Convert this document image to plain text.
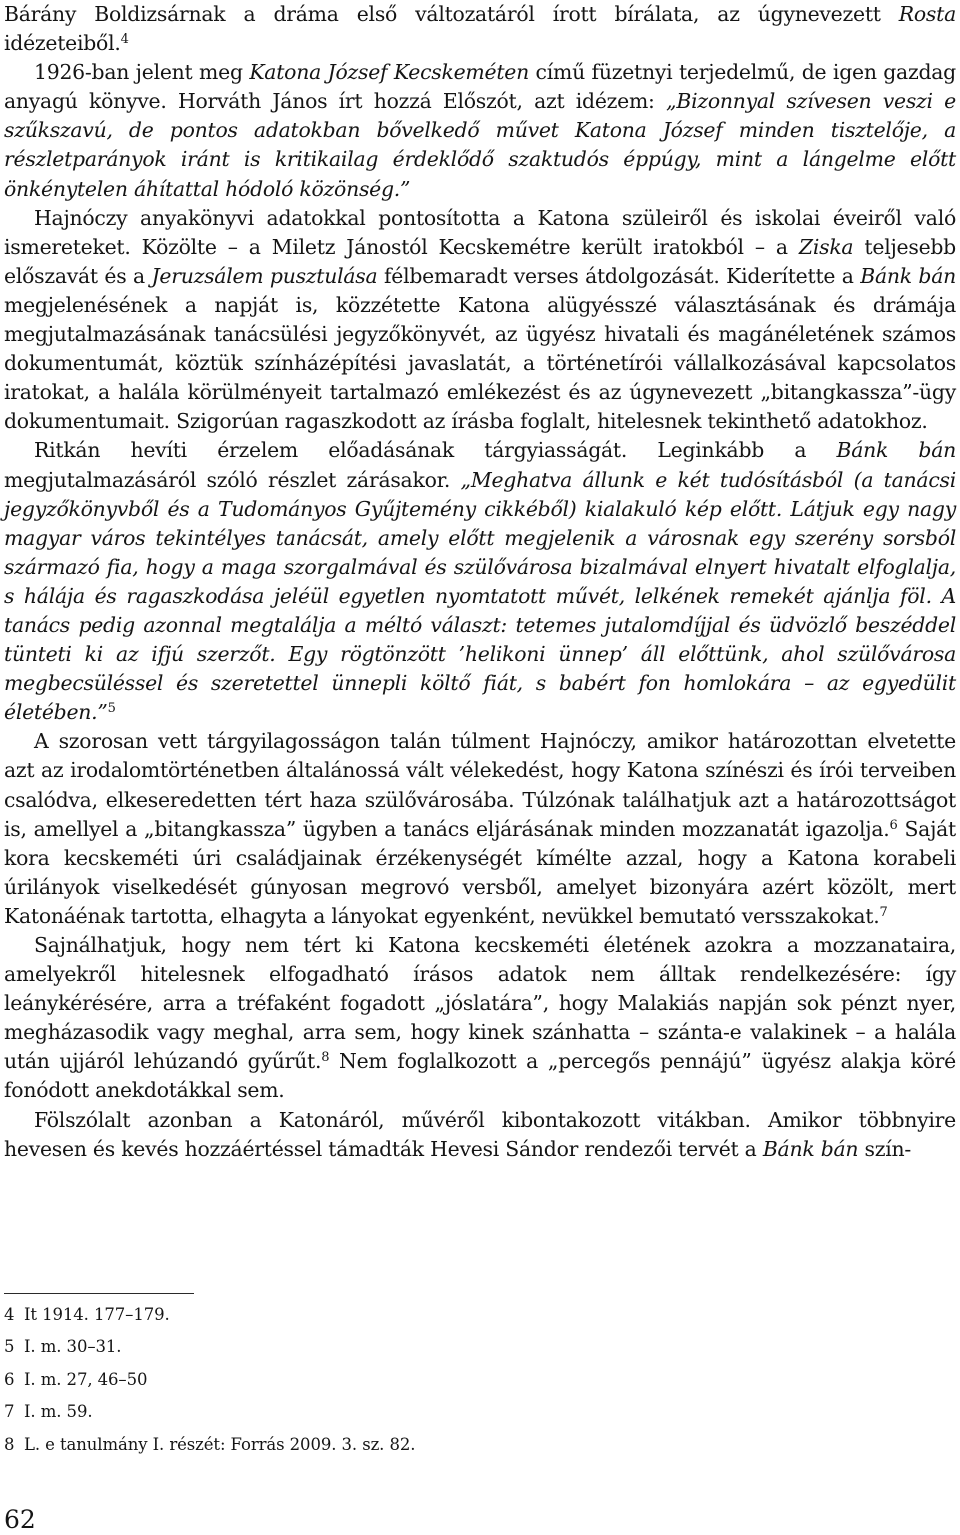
Bárány Boldizsárnak a dráma első változatáról írott bírálata, az úgynevezett Rosta idézeteiből.$^4$

1926-ban jelent meg Katona József Kecskeméten című füzetnyi terjedelmű, de igen gazdag anyagú könyve. Horváth János írt hozzá Előszót, azt idézem: „Bizonnyal szívesen veszi e szűkszavú, de pontos adatokban bővelkedő művet Katona József minden tisztelője, a részletparányok iránt is kritikailag érdeklődő szaktudós éppúgy, mint a lángelme előtt önkénytelen áhítattal hódoló közönség.”

Hajnóczy anyakönyvi adatokkal pontosította a Katona szüleiről és iskolai éveiről való ismereteket. Közölte – a Miletz Jánostól Kecskemétre került iratokból – a Ziska teljesebb előszavát és a Jeruzsálem pusztulása félbemaradt verses átdolgozását. Kiderítette a Bánk bán megjelenésének a napját is, közzétette Katona alügyésszé választásának és drámája megjutalmazásának tanácsülési jegyzőkönyvét, az ügyész hivatali és magánéletének számos dokumentumát, köztük színházépítési javaslatát, a történetírói vállalkozásával kapcsolatos iratokat, a halála körülményeit tartalmazó emlékezést és az úgynevezett „bitangkassza”-ügy dokumentumait. Szigorúan ragaszkodott az írásba foglalt, hitelesnek tekinthető adatokhoz.

Ritkán hevíti érzelem előadásának tárgyiasságát. Leginkább a Bánk bán megjutalmazásáról szóló részlet zárásakor. „Meghatva állunk e két tudósításból (a tanácsi jegyzőkönyvből és a Tudományos Gyűjtemény cikkéből) kialakuló kép előtt. Látjuk egy nagy magyar város tekintélyes tanácsát, amely előtt megjelenik a városnak egy szerény sorsból származó fia, hogy a maga szorgalmával és szülővárosa bizalmával elnyert hivatalt elfoglalja, s hálája és ragaszkodása jeléül egyetlen nyomtatott művét, lelkének remekét ajánlja föl. A tanács pedig azonnal megtalálja a méltó választ: tetemes jutalomdíjjal és üdvözlő beszéddel tünteti ki az ifjú szerzőt. Egy rögtönzött ’helikoni ünnep’ áll előttünk, ahol szülővárosa megbecsüléssel és szeretettel ünnepli költő fiát, s babért fon homlokára – az egyedülit életében.”$^5$

A szorosan vett tárgyilagosságon talán túlment Hajnóczy, amikor határozottan elvetette azt az irodalomtörténetben általánossá vált vélekedést, hogy Katona színészi és írói terveiben csalódva, elkeseredetten tért haza szülővárosába. Túlzónak találhatjuk azt a határozottságot is, amellyel a „bitangkassza” ügyben a tanács eljárásának minden mozzanatát igazolja.$^6$ Saját kora kecskeméti úri családjainak érzékenységét kímélte azzal, hogy a Katona korabeli úrilányok viselkedését gúnyosan megrovó versből, amelyet bizonyára azért közölt, mert Katonáénak tartotta, elhagyta a lányokat egyenként, nevükkel bemutató versszakokat.$^7$

Sajnálhatjuk, hogy nem tért ki Katona kecskeméti életének azokra a mozzanataira, amelyekről hitelesnek elfogadható írásos adatok nem álltak rendelkezésére: így leánykérésére, arra a tréfaként fogadott „jóslatára”, hogy Malakiás napján sok pénzt nyer, megházasodik vagy meghal, arra sem, hogy kinek szánhatta – szánta-e valakinek – a halála után ujjáról lehúzandó gyűrűt.$^8$ Nem foglalkozott a „percegős pennájú” ügyész alakja köré fonódott anekdotákkal sem.

Fölszólalt azonban a Katonáról, művéről kibontakozott vitákban. Amikor többnyire hevesen és kevés hozzáértéssel támadták Hevesi Sándor rendezői tervét a Bánk bán szín-

4 It 1914. 177–179.
5 I. m. 30–31.
6 I. m. 27, 46–50
7 I. m. 59.
8 L. e tanulmány I. részét: Forrás 2009. 3. sz. 82.
62
